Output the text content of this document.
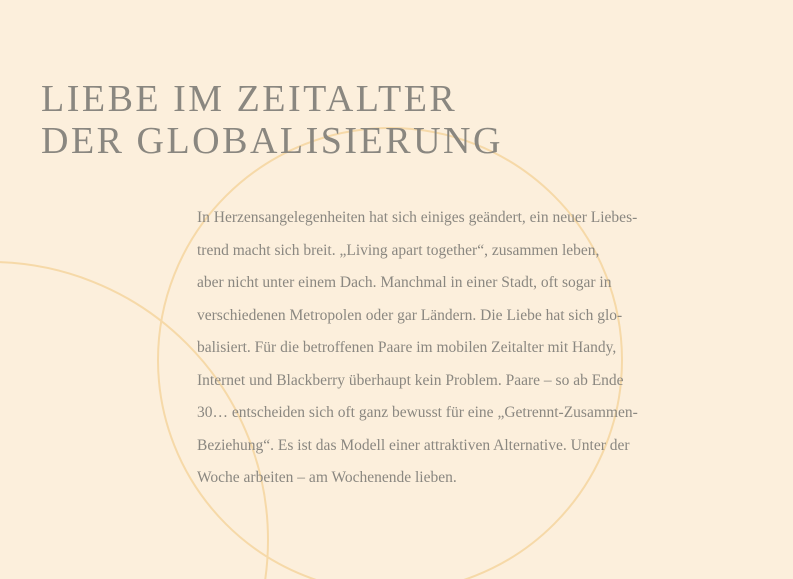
LIEBE IM ZEITALTER
DER GLOBALISIERUNG
In Herzensangelegenheiten hat sich einiges geändert, ein neuer Liebes-
trend macht sich breit. „Living apart together“, zusammen leben,
aber nicht unter einem Dach. Manchmal in einer Stadt, oft sogar in
verschiedenen Metropolen oder gar Ländern. Die Liebe hat sich glo-
balisiert. Für die betroffenen Paare im mobilen Zeitalter mit Handy,
Internet und Blackberry überhaupt kein Problem. Paare – so ab Ende
30… entscheiden sich oft ganz bewusst für eine „Getrennt-Zusammen-
Beziehung“. Es ist das Modell einer attraktiven Alternative. Unter der
Woche arbeiten – am Wochenende lieben.
